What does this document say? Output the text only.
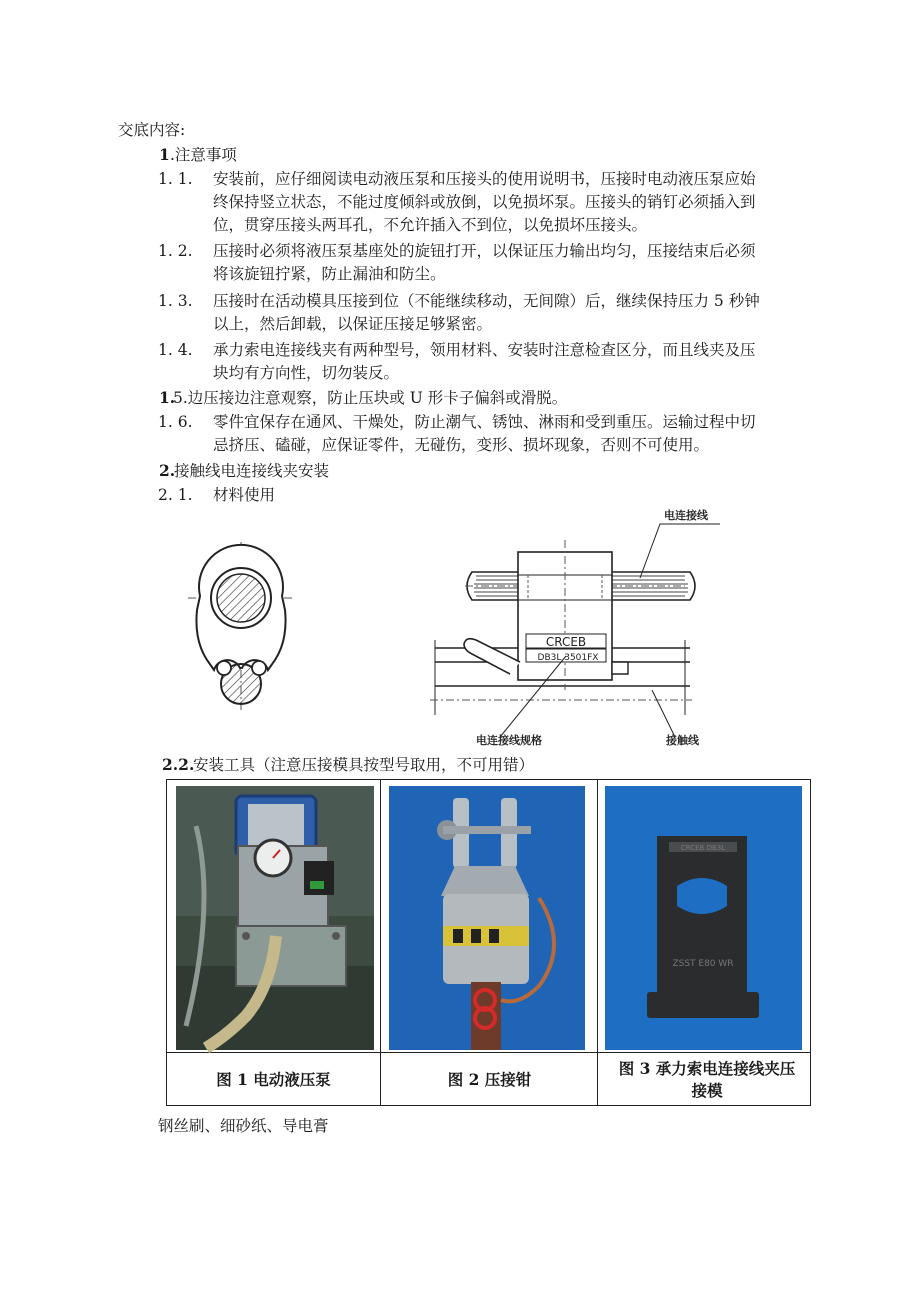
交底内容:
1 .注意事项
1. 1. 安装前，应仔细阅读电动液压泵和压接头的使用说明书，压接时电动液压泵应始
终保持竖立状态，不能过度倾斜或放倒，以免损坏泵。压接头的销钉必须插入到
位，贯穿压接头两耳孔，不允许插入不到位，以免损坏压接头。
1. 2. 压接时必须将液压泵基座处的旋钮打开，以保证压力输出均匀，压接结束后必须
将该旋钮拧紧，防止漏油和防尘。
1. 3. 压接时在活动模具压接到位（不能继续移动，无间隙）后，继续保持压力 5 秒钟
以上，然后卸载，以保证压接足够紧密。
1. 4. 承力索电连接线夹有两种型号，领用材料、安装时注意检查区分，而且线夹及压
块均有方向性，切勿装反。
1.
5.边压接边注意观察，防止压块或 U 形卡子偏斜或滑脱。
1. 6. 零件宜保存在通风、干燥处，防止潮气、锈蚀、淋雨和受到重压。运输过程中切
忌挤压、磕碰，应保证零件，无碰伤，变形、损坏现象，否则不可使用。
2.
接触线电连接线夹安装
2. 1. 材料使用
CRCEB
DB3L 3501FX
电连接线
电连接线规格	接触线
2.2.
安装工具（注意压接模具按型号取用，不可用错）
ZSST E80 WR
CRCEB DB3L
图 1 电动液压泵	图 2 压接钳
图 3 承力索电连接线夹压接模
钢丝刷、细砂纸、导电膏
